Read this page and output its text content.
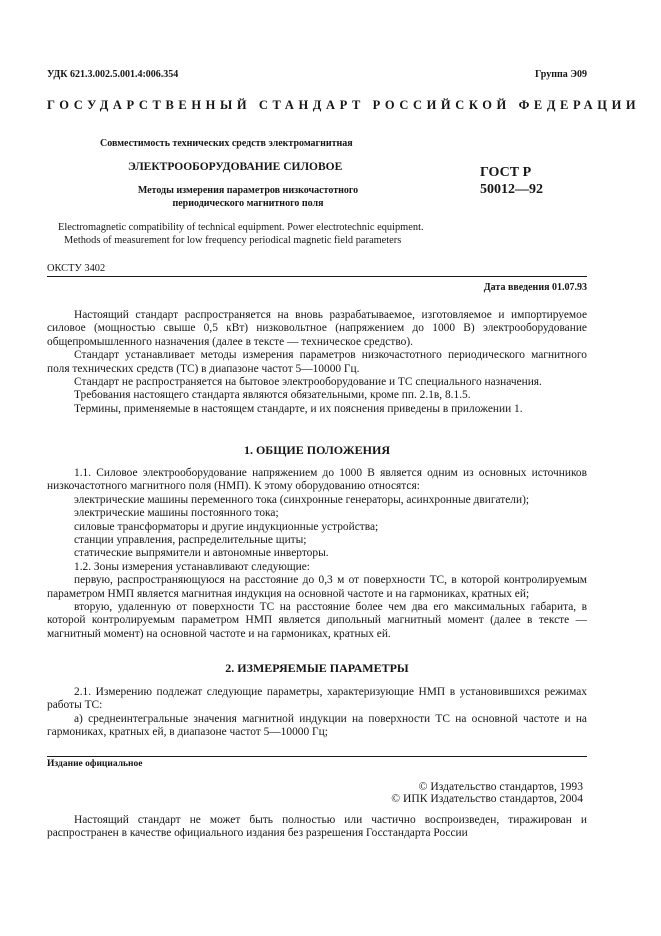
УДК 621.3.002.5.001.4:006.354	Группа Э09
ГОСУДАРСТВЕННЫЙ СТАНДАРТ РОССИЙСКОЙ ФЕДЕРАЦИИ
Совместимость технических средств электромагнитная
ЭЛЕКТРООБОРУДОВАНИЕ СИЛОВОЕ
Методы измерения параметров низкочастотного
периодического магнитного поля
ГОСТ Р
50012—92
Electromagnetic compatibility of technical equipment. Power electrotechnic equipment.
Methods of measurement for low frequency periodical magnetic field parameters
ОКСТУ 3402
Дата введения 01.07.93

Настоящий стандарт распространяется на вновь разрабатываемое, изготовляемое и импортируемое силовое (мощностью свыше 0,5 кВт) низковольтное (напряжением до 1000 В) электрооборудование общепромышленного назначения (далее в тексте — техническое средство).

Стандарт устанавливает методы измерения параметров низкочастотного периодического магнитного поля технических средств (ТС) в диапазоне частот 5—10000 Гц.

Стандарт не распространяется на бытовое электрооборудование и ТС специального назначения.

Требования настоящего стандарта являются обязательными, кроме пп. 2.1в, 8.1.5.

Термины, применяемые в настоящем стандарте, и их пояснения приведены в приложении 1.

1. ОБЩИЕ ПОЛОЖЕНИЯ

1.1. Силовое электрооборудование напряжением до 1000 В является одним из основных источников низкочастотного магнитного поля (НМП). К этому оборудованию относятся:

электрические машины переменного тока (синхронные генераторы, асинхронные двигатели);

электрические машины постоянного тока;

силовые трансформаторы и другие индукционные устройства;

станции управления, распределительные щиты;

статические выпрямители и автономные инверторы.

1.2. Зоны измерения устанавливают следующие:

первую, распространяющуюся на расстояние до 0,3 м от поверхности ТС, в которой контролируемым параметром НМП является магнитная индукция на основной частоте и на гармониках, кратных ей;

вторую, удаленную от поверхности ТС на расстояние более чем два его максимальных габарита, в которой контролируемым параметром НМП является дипольный магнитный момент (далее в тексте — магнитный момент) на основной частоте и на гармониках, кратных ей.

2. ИЗМЕРЯЕМЫЕ ПАРАМЕТРЫ

2.1. Измерению подлежат следующие параметры, характеризующие НМП в установившихся режимах работы ТС:

а) среднеинтегральные значения магнитной индукции на поверхности ТС на основной частоте и на гармониках, кратных ей, в диапазоне частот 5—10000 Гц;

Издание официальное
© Издательство стандартов, 1993
© ИПК Издательство стандартов, 2004

Настоящий стандарт не может быть полностью или частично воспроизведен, тиражирован и распространен в качестве официального издания без разрешения Госстандарта России
